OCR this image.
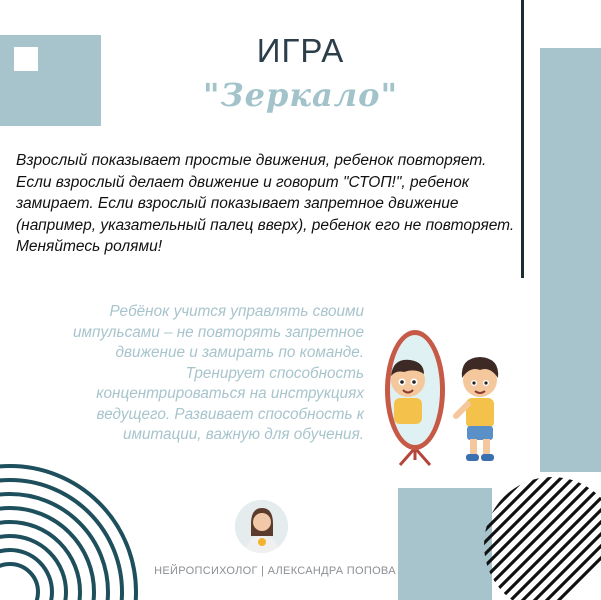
ИГРА
"Зеркало"
Взрослый показывает простые движения, ребенок повторяет. Если взрослый делает движение и говорит "СТОП!", ребенок замирает. Если взрослый показывает запретное движение (например, указательный палец вверх), ребенок его не повторяет. Меняйтесь ролями!
Ребёнок учится управлять своими импульсами – не повторять запретное движение и замирать по команде. Тренирует способность концентрироваться на инструкциях ведущего. Развивает способность к имитации, важную для обучения.
НЕЙРОПСИХОЛОГ | АЛЕКСАНДРА ПОПОВА
